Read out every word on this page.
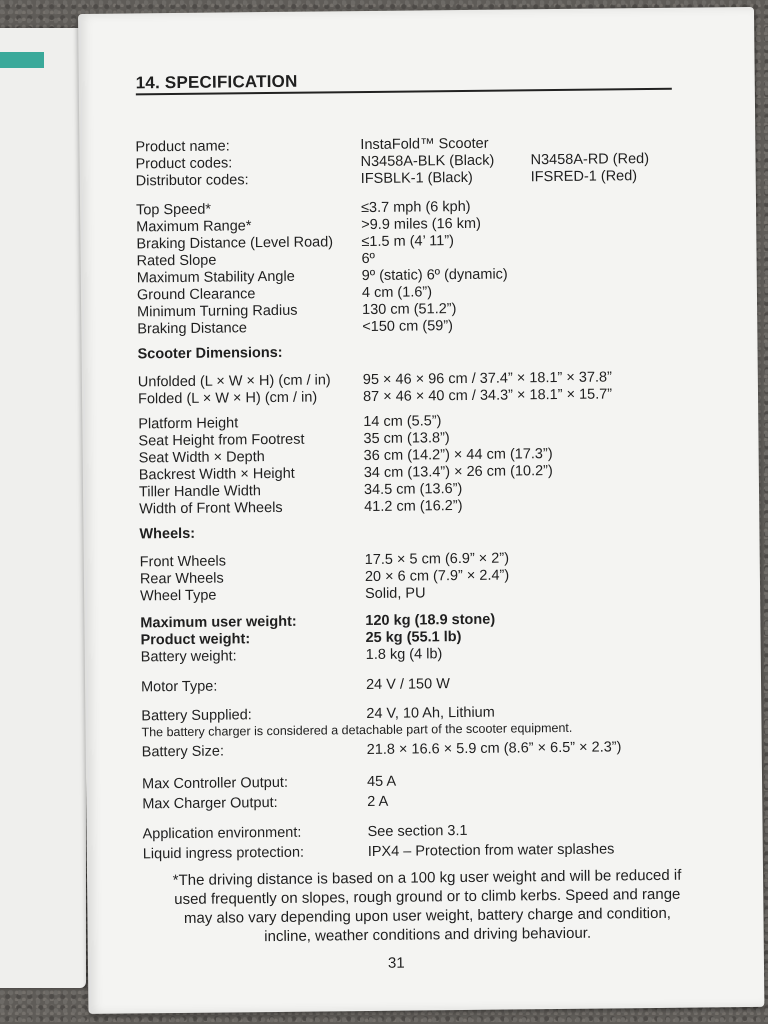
14. SPECIFICATION
Product name:	InstaFold™ Scooter
Product codes:	N3458A-BLK (Black) N3458A-RD (Red)
Distributor codes:	IFSBLK-1 (Black)	IFSRED-1 (Red)
Top Speed*	≤3.7 mph (6 kph)
Maximum Range*	>9.9 miles (16 km)
Braking Distance (Level Road) ≤1.5 m (4’ 11”)
Rated Slope	6º
Maximum Stability Angle	9º (static) 6º (dynamic)
Ground Clearance	4 cm (1.6”)
Minimum Turning Radius	130 cm (51.2”)
Braking Distance	<150 cm (59”)
Scooter Dimensions:
Unfolded (L × W × H) (cm / in) 95 × 46 × 96 cm / 37.4” × 18.1” × 37.8”
Folded (L × W × H) (cm / in)	87 × 46 × 40 cm / 34.3” × 18.1” × 15.7”
Platform Height	14 cm (5.5”)
Seat Height from Footrest	35 cm (13.8”)
Seat Width × Depth	36 cm (14.2”) × 44 cm (17.3”)
Backrest Width × Height	34 cm (13.4”) × 26 cm (10.2”)
Tiller Handle Width	34.5 cm (13.6”)
Width of Front Wheels	41.2 cm (16.2”)
Wheels:
Front Wheels	17.5 × 5 cm (6.9” × 2”)
Rear Wheels	20 × 6 cm (7.9” × 2.4”)
Wheel Type	Solid, PU
Maximum user weight:	120 kg (18.9 stone)
Product weight:	25 kg (55.1 lb)
Battery weight:	1.8 kg (4 lb)
Motor Type:	24 V / 150 W
Battery Supplied:	24 V, 10 Ah, Lithium
The battery charger is considered a detachable part of the scooter equipment.
Battery Size:	21.8 × 16.6 × 5.9 cm (8.6” × 6.5” × 2.3”)
Max Controller Output:	45 A
Max Charger Output:	2 A
Application environment:	See section 3.1
Liquid ingress protection:	IPX4 – Protection from water splashes
*The driving distance is based on a 100 kg user weight and will be reduced if
used frequently on slopes, rough ground or to climb kerbs. Speed and range
may also vary depending upon user weight, battery charge and condition,
incline, weather conditions and driving behaviour.
31
